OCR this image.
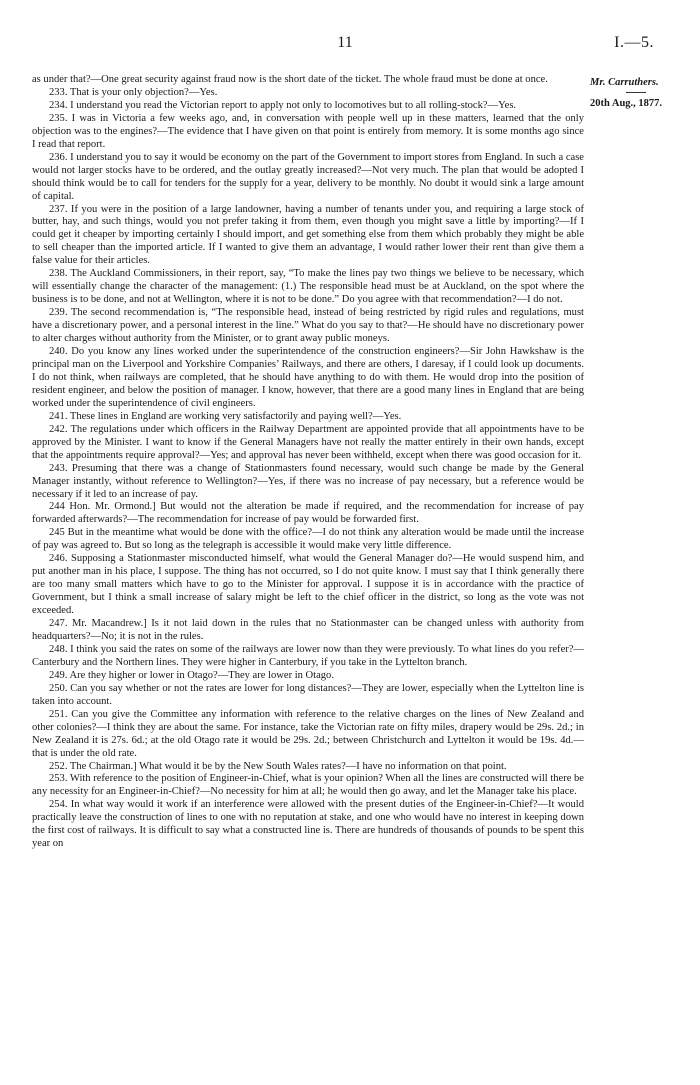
11	I.—5.
Mr. Carruthers.
20th Aug., 1877.

as under that?—One great security against fraud now is the short date of the ticket. The whole fraud must be done at once.

233. That is your only objection?—Yes.

234. I understand you read the Victorian report to apply not only to locomotives but to all rolling-stock?—Yes.

235. I was in Victoria a few weeks ago, and, in conversation with people well up in these matters, learned that the only objection was to the engines?—The evidence that I have given on that point is entirely from memory. It is some months ago since I read that report.

236. I understand you to say it would be economy on the part of the Government to import stores from England. In such a case would not larger stocks have to be ordered, and the outlay greatly increased?—Not very much. The plan that would be adopted I should think would be to call for tenders for the supply for a year, delivery to be monthly. No doubt it would sink a large amount of capital.

237. If you were in the position of a large landowner, having a number of tenants under you, and requiring a large stock of butter, hay, and such things, would you not prefer taking it from them, even though you might save a little by importing?—If I could get it cheaper by importing certainly I should import, and get something else from them which probably they might be able to sell cheaper than the imported article. If I wanted to give them an advantage, I would rather lower their rent than give them a false value for their articles.

238. The Auckland Commissioners, in their report, say, “To make the lines pay two things we believe to be necessary, which will essentially change the character of the management: (1.) The responsible head must be at Auckland, on the spot where the business is to be done, and not at Wellington, where it is not to be done.” Do you agree with that recommendation?—I do not.

239. The second recommendation is, “The responsible head, instead of being restricted by rigid rules and regulations, must have a discretionary power, and a personal interest in the line.” What do you say to that?—He should have no discretionary power to alter charges without authority from the Minister, or to grant away public moneys.

240. Do you know any lines worked under the superintendence of the construction engineers?—Sir John Hawkshaw is the principal man on the Liverpool and Yorkshire Companies’ Railways, and there are others, I daresay, if I could look up documents. I do not think, when railways are completed, that he should have anything to do with them. He would drop into the position of resident engineer, and below the position of manager. I know, however, that there are a good many lines in England that are being worked under the superintendence of civil engineers.

241. These lines in England are working very satisfactorily and paying well?—Yes.

242. The regulations under which officers in the Railway Department are appointed provide that all appointments have to be approved by the Minister. I want to know if the General Managers have not really the matter entirely in their own hands, except that the appointments require approval?—Yes; and approval has never been withheld, except when there was good occasion for it.

243. Presuming that there was a change of Stationmasters found necessary, would such change be made by the General Manager instantly, without reference to Wellington?—Yes, if there was no increase of pay necessary, but a reference would be necessary if it led to an increase of pay.

244 Hon. Mr. Ormond.] But would not the alteration be made if required, and the recommendation for increase of pay forwarded afterwards?—The recommendation for increase of pay would be forwarded first.

245 But in the meantime what would be done with the office?—I do not think any alteration would be made until the increase of pay was agreed to. But so long as the telegraph is accessible it would make very little difference.

246. Supposing a Stationmaster misconducted himself, what would the General Manager do?—He would suspend him, and put another man in his place, I suppose. The thing has not occurred, so I do not quite know. I must say that I think generally there are too many small matters which have to go to the Minister for approval. I suppose it is in accordance with the practice of Government, but I think a small increase of salary might be left to the chief officer in the district, so long as the vote was not exceeded.

247. Mr. Macandrew.] Is it not laid down in the rules that no Stationmaster can be changed unless with authority from headquarters?—No; it is not in the rules.

248. I think you said the rates on some of the railways are lower now than they were previously. To what lines do you refer?—Canterbury and the Northern lines. They were higher in Canterbury, if you take in the Lyttelton branch.

249. Are they higher or lower in Otago?—They are lower in Otago.

250. Can you say whether or not the rates are lower for long distances?—They are lower, especially when the Lyttelton line is taken into account.

251. Can you give the Committee any information with reference to the relative charges on the lines of New Zealand and other colonies?—I think they are about the same. For instance, take the Victorian rate on fifty miles, drapery would be 29s. 2d.; in New Zealand it is 27s. 6d.; at the old Otago rate it would be 29s. 2d.; between Christchurch and Lyttelton it would be 19s. 4d.—that is under the old rate.

252. The Chairman.] What would it be by the New South Wales rates?—I have no information on that point.

253. With reference to the position of Engineer-in-Chief, what is your opinion? When all the lines are constructed will there be any necessity for an Engineer-in-Chief?—No necessity for him at all; he would then go away, and let the Manager take his place.

254. In what way would it work if an interference were allowed with the present duties of the Engineer-in-Chief?—It would practically leave the construction of lines to one with no reputation at stake, and one who would have no interest in keeping down the first cost of railways. It is difficult to say what a constructed line is. There are hundreds of thousands of pounds to be spent this year on
